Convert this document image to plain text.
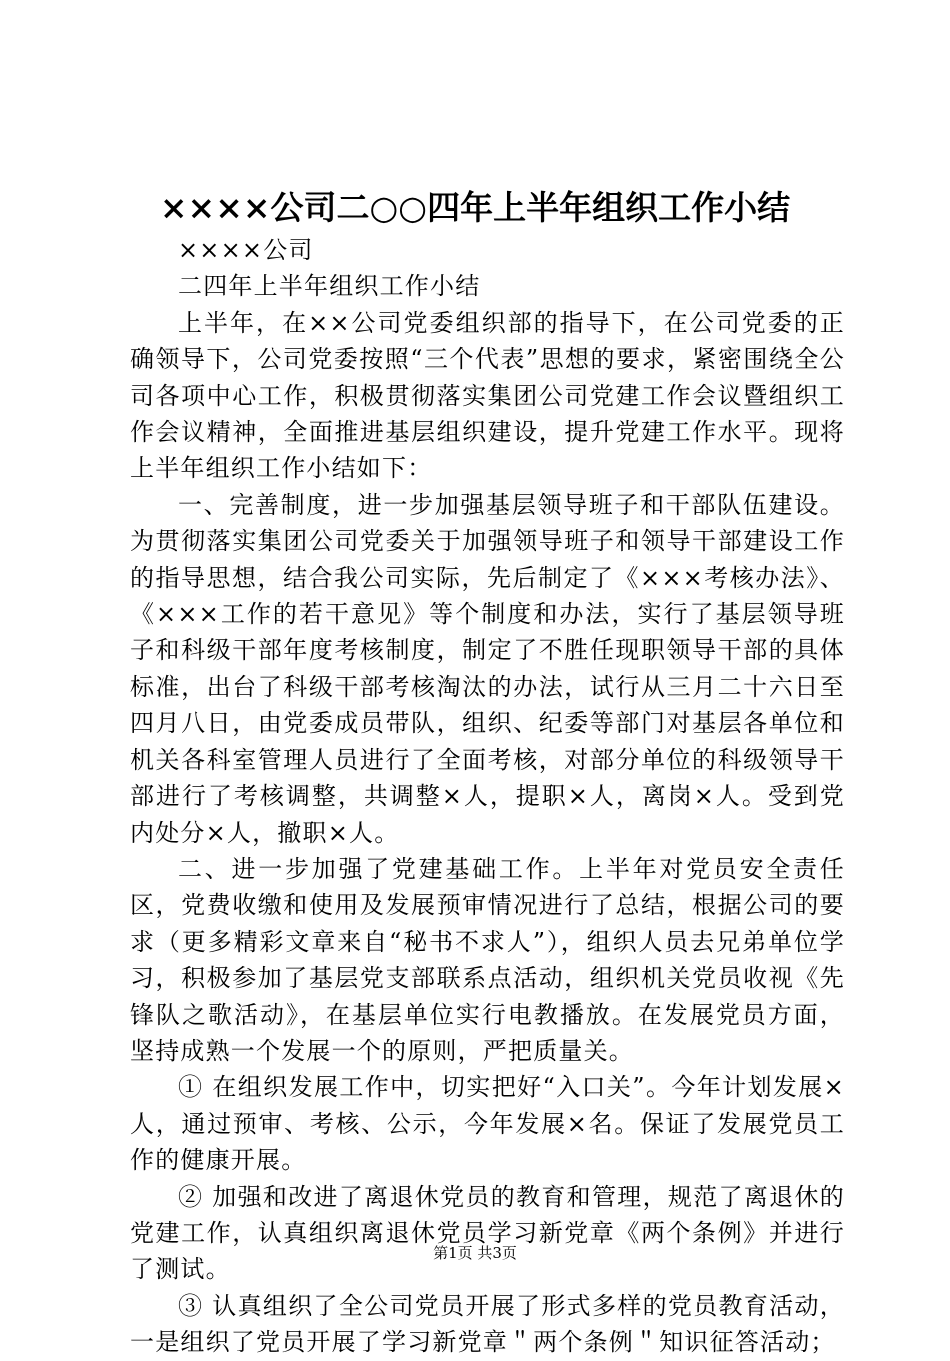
××××公司二○○四年上半年组织工作小结

××××公司

二四年上半年组织工作小结

上半年，在××公司党委组织部的指导下，在公司党委的正确领导下，公司党委按照“三个代表”思想的要求，紧密围绕全公司各项中心工作，积极贯彻落实集团公司党建工作会议暨组织工作会议精神，全面推进基层组织建设，提升党建工作水平。现将上半年组织工作小结如下：

一、完善制度，进一步加强基层领导班子和干部队伍建设。为贯彻落实集团公司党委关于加强领导班子和领导干部建设工作的指导思想，结合我公司实际，先后制定了《×××考核办法》、《×××工作的若干意见》等个制度和办法，实行了基层领导班子和科级干部年度考核制度，制定了不胜任现职领导干部的具体标准，出台了科级干部考核淘汰的办法，试行从三月二十六日至四月八日，由党委成员带队，组织、纪委等部门对基层各单位和机关各科室管理人员进行了全面考核，对部分单位的科级领导干部进行了考核调整，共调整×人，提职×人，离岗×人。受到党内处分×人，撤职×人。

二、进一步加强了党建基础工作。上半年对党员安全责任区，党费收缴和使用及发展预审情况进行了总结，根据公司的要求（更多精彩文章来自“秘书不求人”），组织人员去兄弟单位学习，积极参加了基层党支部联系点活动，组织机关党员收视《先锋队之歌活动》，在基层单位实行电教播放。在发展党员方面，坚持成熟一个发展一个的原则，严把质量关。

① 在组织发展工作中，切实把好“入口关”。今年计划发展×人，通过预审、考核、公示，今年发展×名。保证了发展党员工作的健康开展。

② 加强和改进了离退休党员的教育和管理，规范了离退休的党建工作，认真组织离退休党员学习新党章《两个条例》并进行了测试。

③ 认真组织了全公司党员开展了形式多样的党员教育活动，一是组织了党员开展了学习新党章＂两个条例＂知识征答活动；

第1页 共3页
